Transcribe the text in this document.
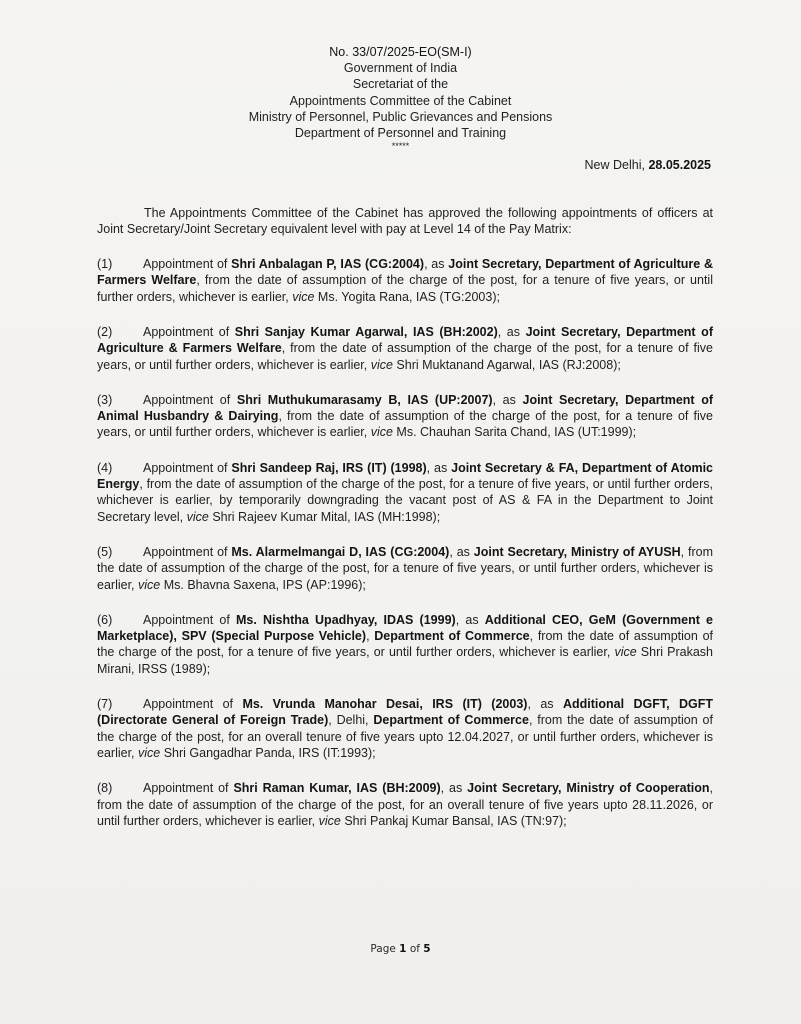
No. 33/07/2025-EO(SM-I)
Government of India
Secretariat of the
Appointments Committee of the Cabinet
Ministry of Personnel, Public Grievances and Pensions
Department of Personnel and Training
*****
New Delhi, 28.05.2025

The Appointments Committee of the Cabinet has approved the following appointments of officers at Joint Secretary/Joint Secretary equivalent level with pay at Level 14 of the Pay Matrix:

(1) Appointment of Shri Anbalagan P, IAS (CG:2004), as Joint Secretary, Department of Agriculture & Farmers Welfare, from the date of assumption of the charge of the post, for a tenure of five years, or until further orders, whichever is earlier, vice Ms. Yogita Rana, IAS (TG:2003);

(2) Appointment of Shri Sanjay Kumar Agarwal, IAS (BH:2002), as Joint Secretary, Department of Agriculture & Farmers Welfare, from the date of assumption of the charge of the post, for a tenure of five years, or until further orders, whichever is earlier, vice Shri Muktanand Agarwal, IAS (RJ:2008);

(3) Appointment of Shri Muthukumarasamy B, IAS (UP:2007), as Joint Secretary, Department of Animal Husbandry & Dairying, from the date of assumption of the charge of the post, for a tenure of five years, or until further orders, whichever is earlier, vice Ms. Chauhan Sarita Chand, IAS (UT:1999);

(4) Appointment of Shri Sandeep Raj, IRS (IT) (1998), as Joint Secretary & FA, Department of Atomic Energy, from the date of assumption of the charge of the post, for a tenure of five years, or until further orders, whichever is earlier, by temporarily downgrading the vacant post of AS & FA in the Department to Joint Secretary level, vice Shri Rajeev Kumar Mital, IAS (MH:1998);

(5) Appointment of Ms. Alarmelmangai D, IAS (CG:2004), as Joint Secretary, Ministry of AYUSH, from the date of assumption of the charge of the post, for a tenure of five years, or until further orders, whichever is earlier, vice Ms. Bhavna Saxena, IPS (AP:1996);

(6) Appointment of Ms. Nishtha Upadhyay, IDAS (1999), as Additional CEO, GeM (Government e Marketplace), SPV (Special Purpose Vehicle), Department of Commerce, from the date of assumption of the charge of the post, for a tenure of five years, or until further orders, whichever is earlier, vice Shri Prakash Mirani, IRSS (1989);

(7) Appointment of Ms. Vrunda Manohar Desai, IRS (IT) (2003), as Additional DGFT, DGFT (Directorate General of Foreign Trade), Delhi, Department of Commerce, from the date of assumption of the charge of the post, for an overall tenure of five years upto 12.04.2027, or until further orders, whichever is earlier, vice Shri Gangadhar Panda, IRS (IT:1993);

(8) Appointment of Shri Raman Kumar, IAS (BH:2009), as Joint Secretary, Ministry of Cooperation, from the date of assumption of the charge of the post, for an overall tenure of five years upto 28.11.2026, or until further orders, whichever is earlier, vice Shri Pankaj Kumar Bansal, IAS (TN:97);

Page 1 of 5
